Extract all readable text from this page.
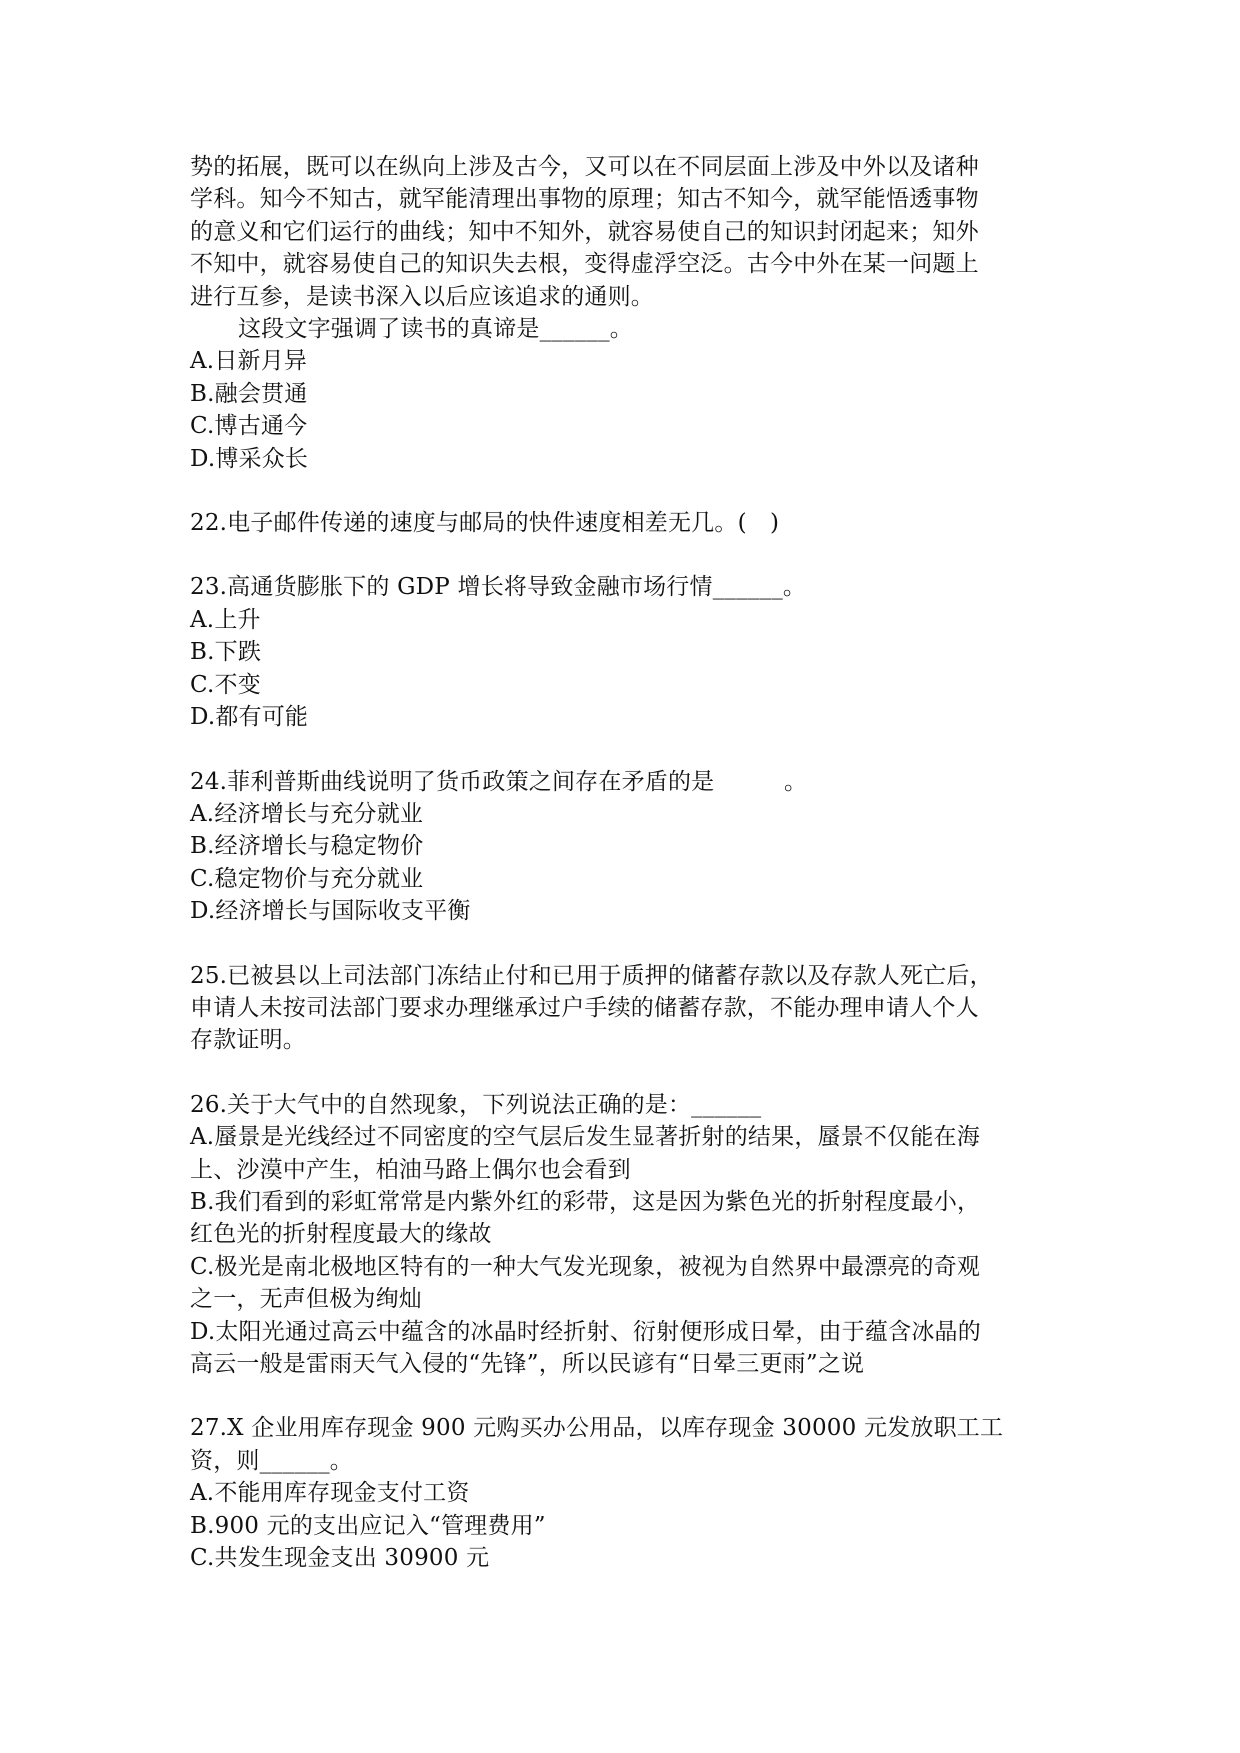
势的拓展，既可以在纵向上涉及古今，又可以在不同层面上涉及中外以及诸种
学科。知今不知古，就罕能清理出事物的原理；知古不知今，就罕能悟透事物
的意义和它们运行的曲线；知中不知外，就容易使自己的知识封闭起来；知外
不知中，就容易使自己的知识失去根，变得虚浮空泛。古今中外在某一问题上
进行互参，是读书深入以后应该追求的通则。
这段文字强调了读书的真谛是______。
A.日新月异
B.融会贯通
C.博古通今
D.博采众长
22.电子邮件传递的速度与邮局的快件速度相差无几。(　)
23.高通货膨胀下的 GDP 增长将导致金融市场行情______。
A.上升
B.下跌
C.不变
D.都有可能
24.菲利普斯曲线说明了货币政策之间存在矛盾的是　　　。
A.经济增长与充分就业
B.经济增长与稳定物价
C.稳定物价与充分就业
D.经济增长与国际收支平衡
25.已被县以上司法部门冻结止付和已用于质押的储蓄存款以及存款人死亡后，
申请人未按司法部门要求办理继承过户手续的储蓄存款，不能办理申请人个人
存款证明。
26.关于大气中的自然现象，下列说法正确的是：______
A.蜃景是光线经过不同密度的空气层后发生显著折射的结果，蜃景不仅能在海
上、沙漠中产生，柏油马路上偶尔也会看到
B.我们看到的彩虹常常是内紫外红的彩带，这是因为紫色光的折射程度最小，
红色光的折射程度最大的缘故
C.极光是南北极地区特有的一种大气发光现象，被视为自然界中最漂亮的奇观
之一，无声但极为绚灿
D.太阳光通过高云中蕴含的冰晶时经折射、衍射便形成日晕，由于蕴含冰晶的
高云一般是雷雨天气入侵的“先锋”，所以民谚有“日晕三更雨”之说
27.X 企业用库存现金 900 元购买办公用品，以库存现金 30000 元发放职工工
资，则______。
A.不能用库存现金支付工资
B.900 元的支出应记入“管理费用”
C.共发生现金支出 30900 元
